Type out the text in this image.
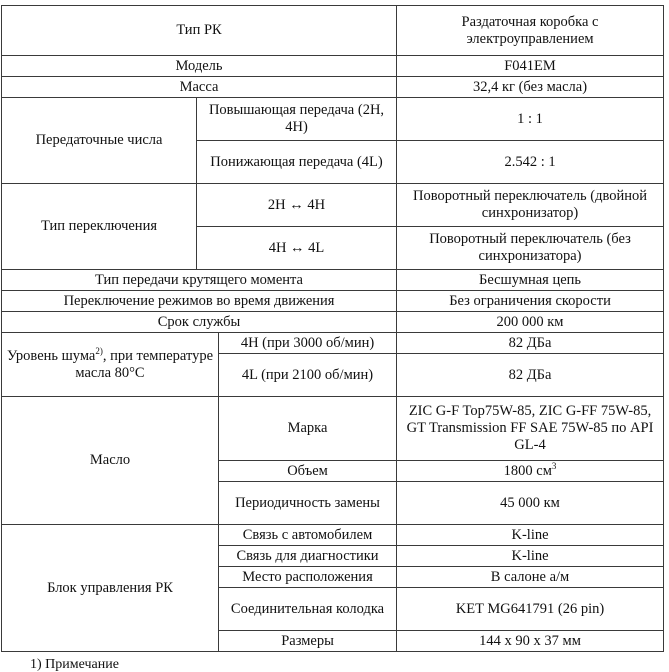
Тип РК			Раздаточная коробка с электроуправлением
Модель			F041EM
Масса			32,4 кг (без масла)
Передаточные числа	Повышающая передача (2H, 4H)		1 : 1
	Понижающая передача (4L)		2.542 : 1
Тип переключения	2H ↔ 4H		Поворотный переключатель (двойной синхронизатор)
	4H ↔ 4L		Поворотный переключатель (без синхронизатора)
Тип передачи крутящего момента			Бесшумная цепь
Переключение режимов во время движения			Без ограничения скорости
Срок службы			200 000 км
Уровень шума$^{2)}$, при температуре масла 80°C		4H (при 3000 об/мин)	82 ДБа
		4L (при 2100 об/мин)	82 ДБа
Масло		Марка	ZIC G-F Top75W-85, ZIC G-FF 75W-85, GT Transmission FF SAE 75W-85 по API GL-4
		Объем	1800 $см^3$
		Периодичность замены	45 000 км
Блок управления РК		Связь с автомобилем	K-line
		Связь для диагностики	K-line
		Место расположения	В салоне а/м
		Соединительная колодка	KET MG641791 (26 pin)
		Размеры	144 x 90 x 37 мм
1) Примечание
